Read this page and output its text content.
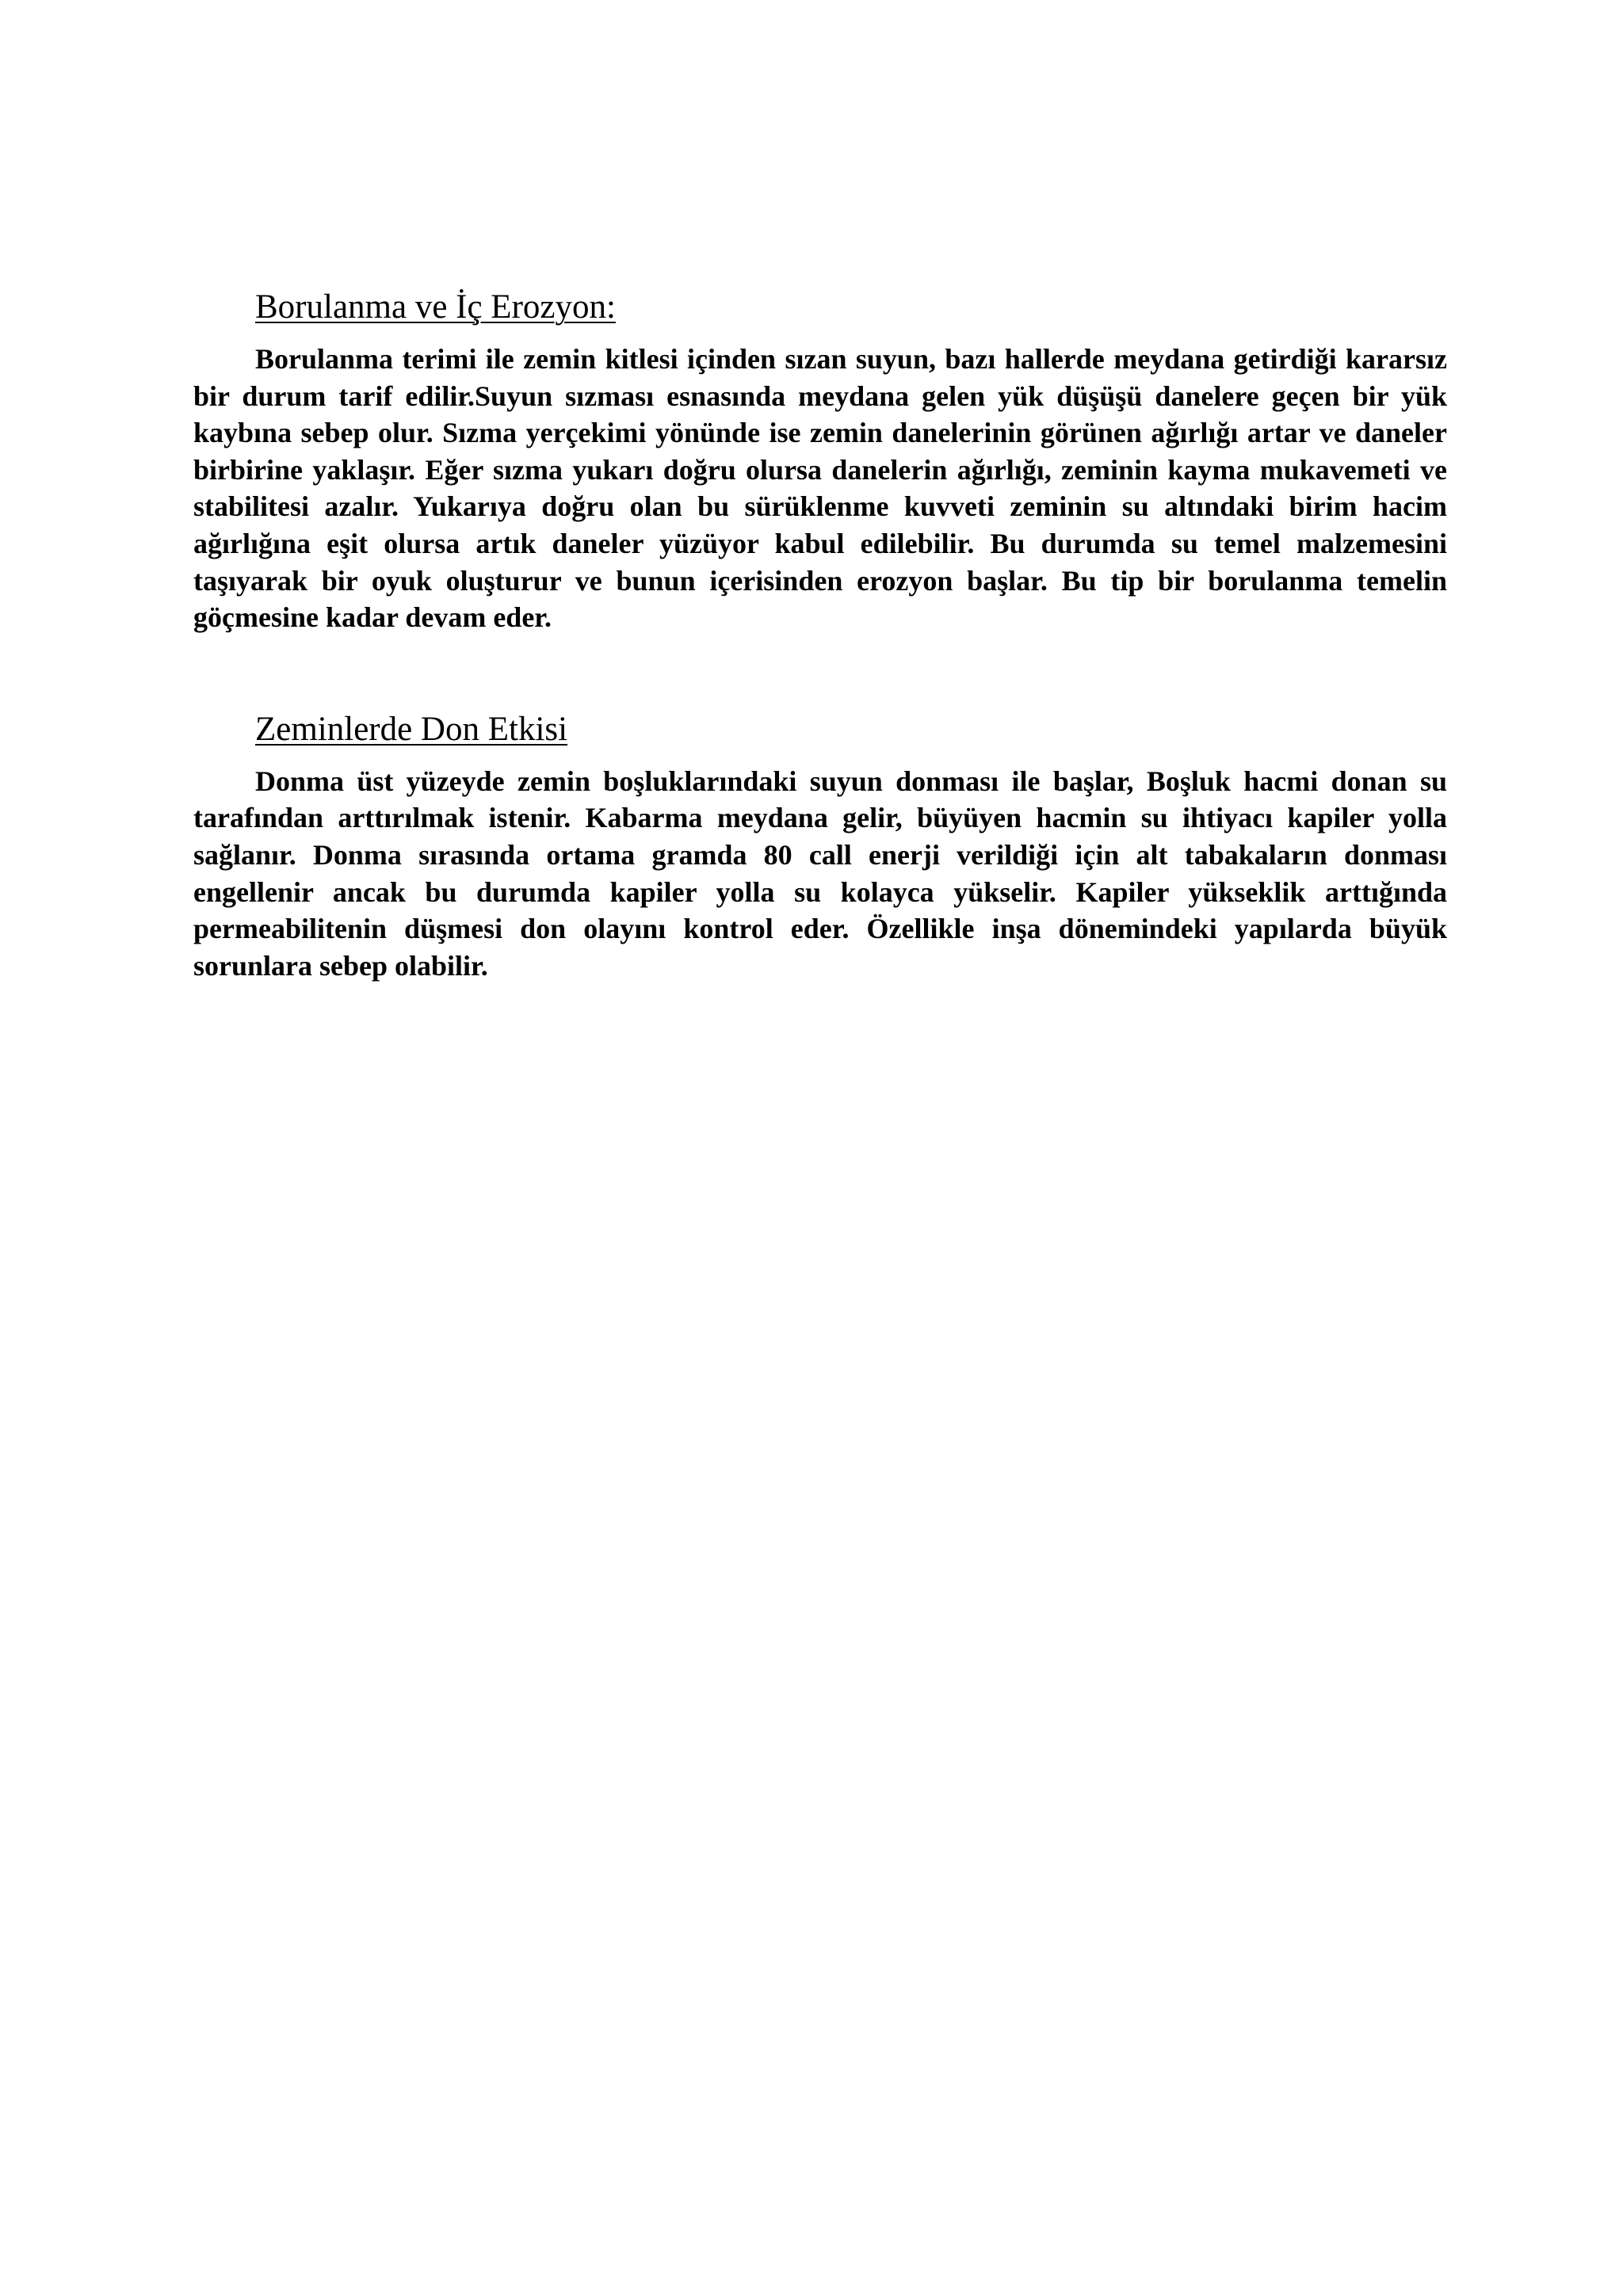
Borulanma ve İç Erozyon:

Borulanma terimi ile zemin kitlesi içinden sızan suyun, bazı hallerde meydana getirdiği kararsız bir durum tarif edilir.Suyun sızması esnasında meydana gelen yük düşüşü danelere geçen bir yük kaybına sebep olur. Sızma yerçekimi yönünde ise zemin danelerinin görünen ağırlığı artar ve daneler birbirine yaklaşır. Eğer sızma yukarı doğru olursa danelerin ağırlığı, zeminin kayma mukavemeti ve stabilitesi azalır. Yukarıya doğru olan bu sürüklenme kuvveti zeminin su altındaki birim hacim ağırlığına eşit olursa artık daneler yüzüyor kabul edilebilir. Bu durumda su temel malzemesini taşıyarak bir oyuk oluşturur ve bunun içerisinden erozyon başlar. Bu tip bir borulanma temelin göçmesine kadar devam eder.

Zeminlerde Don Etkisi

Donma üst yüzeyde zemin boşluklarındaki suyun donması ile başlar, Boşluk hacmi donan su tarafından arttırılmak istenir. Kabarma meydana gelir, büyüyen hacmin su ihtiyacı kapiler yolla sağlanır. Donma sırasında ortama gramda 80 call enerji verildiği için alt tabakaların donması engellenir ancak bu durumda kapiler yolla su kolayca yükselir. Kapiler yükseklik arttığında permeabilitenin düşmesi don olayını kontrol eder. Özellikle inşa dönemindeki yapılarda büyük sorunlara sebep olabilir.
